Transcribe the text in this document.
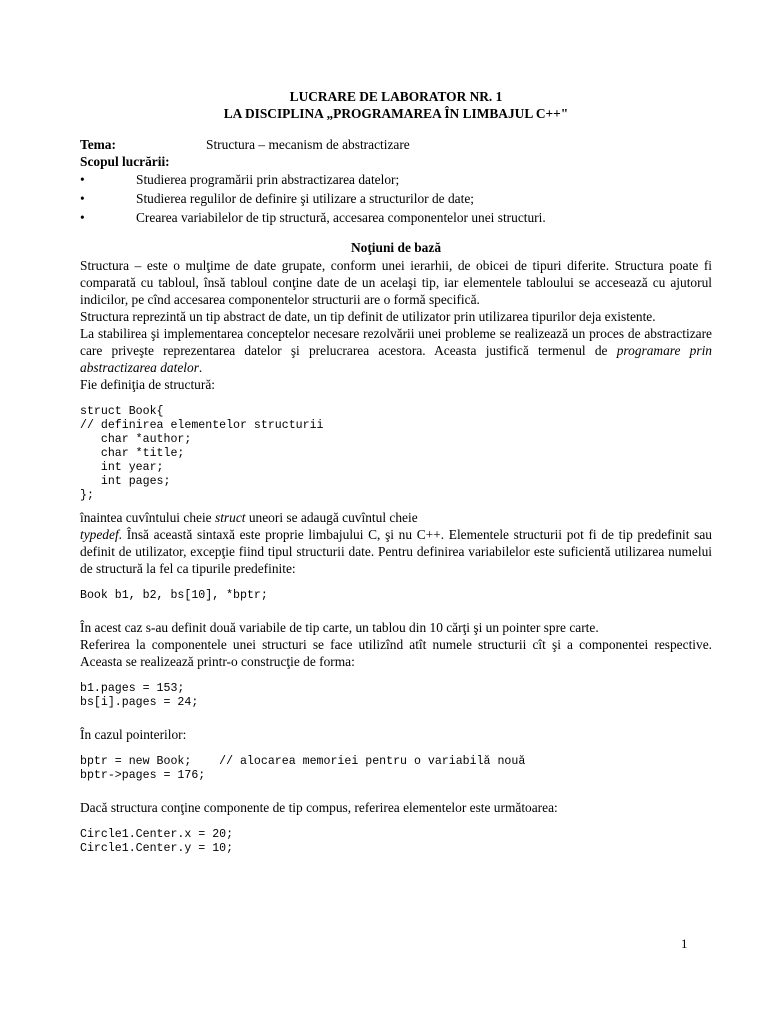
LUCRARE DE LABORATOR NR. 1

LA DISCIPLINA „PROGRAMAREA ÎN LIMBAJUL C++"

Tema:	Structura – mecanism de abstractizare
Scopul lucrării:
•	Studierea programării prin abstractizarea datelor;
•	Studierea regulilor de definire şi utilizare a structurilor de date;
•	Crearea variabilelor de tip structură, accesarea componentelor unei structuri.
Noţiuni de bază

Structura – este o mulţime de date grupate, conform unei ierarhii, de obicei de tipuri diferite. Structura poate fi comparată cu tabloul, însă tabloul conţine date de un acelaşi tip, iar elementele tabloului se accesează cu ajutorul indicilor, pe cînd accesarea componentelor structurii are o formă specifică.

Structura reprezintă un tip abstract de date, un tip definit de utilizator prin utilizarea tipurilor deja existente.

La stabilirea şi implementarea conceptelor necesare rezolvării unei probleme se realizează un proces de abstractizare care priveşte reprezentarea datelor şi prelucrarea acestora. Aceasta justifică termenul de programare prin abstractizarea datelor.

Fie definiţia de structură:

struct Book{
// definirea elementelor structurii
char *author;
char *title;
int year;
int pages;
};

înaintea cuvîntului cheie struct uneori se adaugă cuvîntul cheie

typedef. Însă această sintaxă este proprie limbajului C, şi nu C++. Elementele structurii pot fi de tip predefinit sau definit de utilizator, excepţie fiind tipul structurii date. Pentru definirea variabilelor este suficientă utilizarea numelui de structură la fel ca tipurile predefinite:

Book b1, b2, bs[10], *bptr;

În acest caz s-au definit două variabile de tip carte, un tablou din 10 cărţi şi un pointer spre carte.

Referirea la componentele unei structuri se face utilizînd atît numele structurii cît şi a componentei respective. Aceasta se realizează printr-o construcţie de forma:

b1.pages = 153;
bs[i].pages = 24;

În cazul pointerilor:

bptr = new Book;    // alocarea memoriei pentru o variabilă nouă
bptr->pages = 176;

Dacă structura conţine componente de tip compus, referirea elementelor este următoarea:

Circle1.Center.x = 20;
Circle1.Center.y = 10;
1
